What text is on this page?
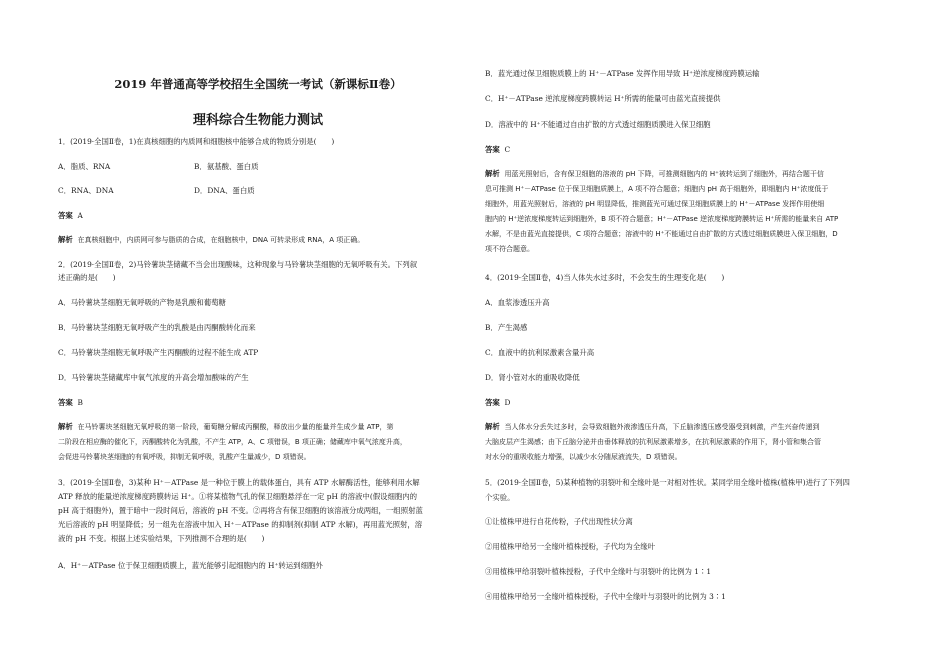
2019 年普通高等学校招生全国统一考试（新课标Ⅱ卷）
理科综合生物能力测试
1．(2019·全国Ⅱ卷，1)在真核细胞的内质网和细胞核中能够合成的物质分别是(　　)
A．脂质、RNA	B．氨基酸、蛋白质
C．RNA、DNA	D．DNA、蛋白质
答案 A
解析 在真核细胞中，内质网可参与脂质的合成，在细胞核中，DNA 可转录形成 RNA，A 项正确。
2．(2019·全国Ⅱ卷，2)马铃薯块茎储藏不当会出现酸味，这种现象与马铃薯块茎细胞的无氧呼吸有关。下列叙
述正确的是(　　)
A．马铃薯块茎细胞无氧呼吸的产物是乳酸和葡萄糖
B．马铃薯块茎细胞无氧呼吸产生的乳酸是由丙酮酸转化而来
C．马铃薯块茎细胞无氧呼吸产生丙酮酸的过程不能生成 ATP
D．马铃薯块茎储藏库中氧气浓度的升高会增加酸味的产生
答案 B
解析 在马铃薯块茎细胞无氧呼吸的第一阶段，葡萄糖分解成丙酮酸，释放出少量的能量并生成少量 ATP，第
二阶段在相应酶的催化下，丙酮酸转化为乳酸，不产生 ATP，A、C 项错误，B 项正确；储藏库中氧气浓度升高，
会促进马铃薯块茎细胞的有氧呼吸，抑制无氧呼吸，乳酸产生量减少，D 项错误。
3．(2019·全国Ⅱ卷，3)某种 H⁺－ATPase 是一种位于膜上的载体蛋白，具有 ATP 水解酶活性，能够利用水解
ATP 释放的能量逆浓度梯度跨膜转运 H⁺。①将某植物气孔的保卫细胞悬浮在一定 pH 的溶液中(假设细胞内的
pH 高于细胞外)，置于暗中一段时间后，溶液的 pH 不变。②再将含有保卫细胞的该溶液分成两组，一组照射蓝
光后溶液的 pH 明显降低；另一组先在溶液中加入 H⁺－ATPase 的抑制剂(抑制 ATP 水解)，再用蓝光照射，溶
液的 pH 不变。根据上述实验结果，下列推测不合理的是(　　)
A．H⁺－ATPase 位于保卫细胞质膜上，蓝光能够引起细胞内的 H⁺转运到细胞外
B．蓝光通过保卫细胞质膜上的 H⁺－ATPase 发挥作用导致 H⁺逆浓度梯度跨膜运输
C．H⁺－ATPase 逆浓度梯度跨膜转运 H⁺所需的能量可由蓝光直接提供
D．溶液中的 H⁺不能通过自由扩散的方式透过细胞质膜进入保卫细胞
答案 C
解析 用蓝光照射后，含有保卫细胞的溶液的 pH 下降，可推测细胞内的 H⁺被转运到了细胞外，再结合题干信
息可推测 H⁺－ATPase 位于保卫细胞质膜上，A 项不符合题意；细胞内 pH 高于细胞外，即细胞内 H⁺浓度低于
细胞外，用蓝光照射后，溶液的 pH 明显降低，推测蓝光可通过保卫细胞质膜上的 H⁺－ATPase 发挥作用使细
胞内的 H⁺逆浓度梯度转运到细胞外，B 项不符合题意；H⁺－ATPase 逆浓度梯度跨膜转运 H⁺所需的能量来自 ATP
水解，不是由蓝光直接提供，C 项符合题意；溶液中的 H⁺不能通过自由扩散的方式透过细胞质膜进入保卫细胞，D
项不符合题意。
4．(2019·全国Ⅱ卷，4)当人体失水过多时，不会发生的生理变化是(　　)
A．血浆渗透压升高
B．产生渴感
C．血液中的抗利尿激素含量升高
D．肾小管对水的重吸收降低
答案 D
解析 当人体水分丢失过多时，会导致细胞外液渗透压升高，下丘脑渗透压感受器受到刺激，产生兴奋传递到
大脑皮层产生渴感；由下丘脑分泌并由垂体释放的抗利尿激素增多，在抗利尿激素的作用下，肾小管和集合管
对水分的重吸收能力增强，以减少水分随尿液流失，D 项错误。
5．(2019·全国Ⅱ卷，5)某种植物的羽裂叶和全缘叶是一对相对性状。某同学用全缘叶植株(植株甲)进行了下列四
个实验。
①让植株甲进行自花传粉，子代出现性状分离
②用植株甲给另一全缘叶植株授粉，子代均为全缘叶
③用植株甲给羽裂叶植株授粉，子代中全缘叶与羽裂叶的比例为 1∶1
④用植株甲给另一全缘叶植株授粉，子代中全缘叶与羽裂叶的比例为 3∶1
